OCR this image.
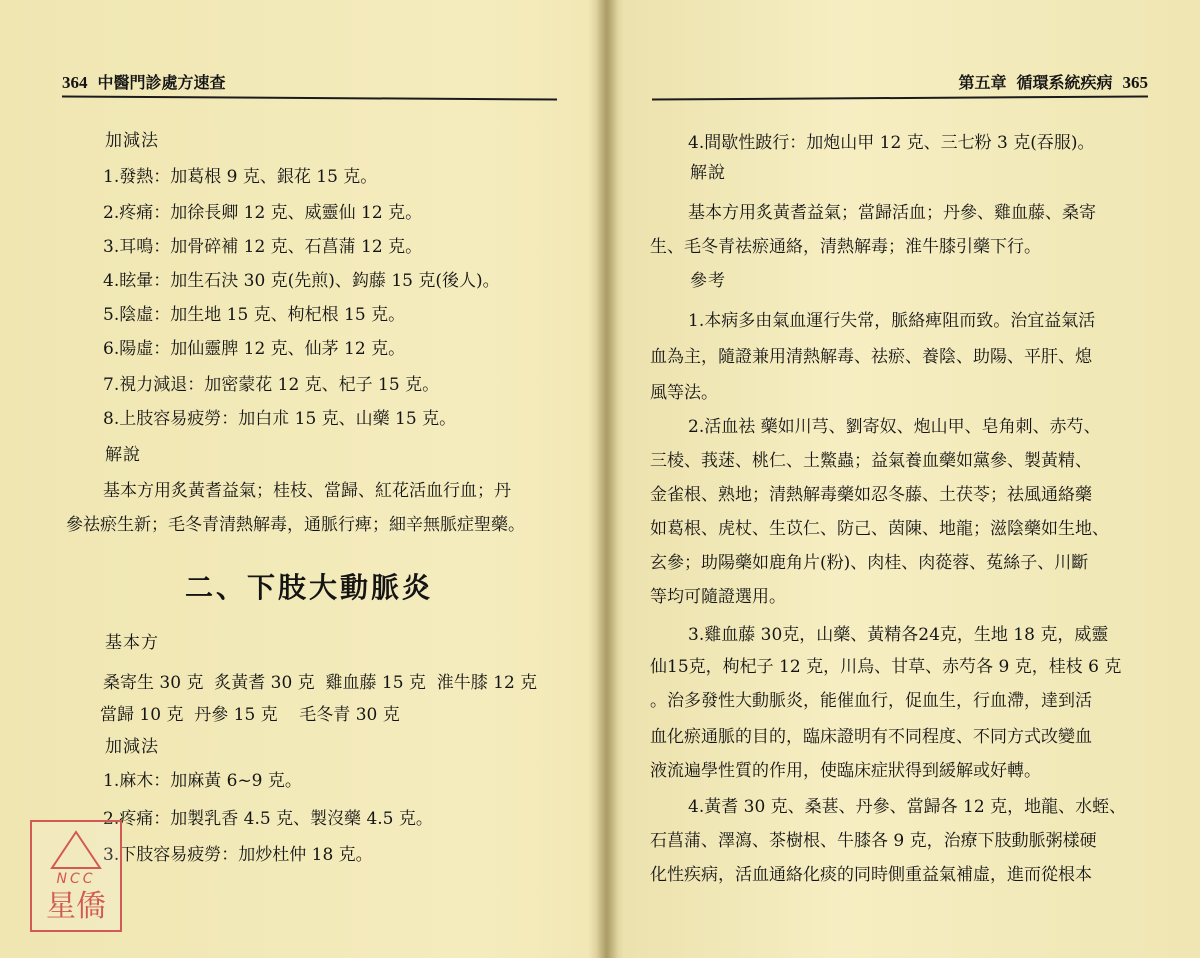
364 中醫門診處方速查
加減法
1.發熱：加葛根 9 克、銀花 15 克。
2.疼痛：加徐長卿 12 克、威靈仙 12 克。
3.耳鳴：加骨碎補 12 克、石菖蒲 12 克。
4.眩暈：加生石決 30 克(先煎)、鈎藤 15 克(後人)。
5.陰虛：加生地 15 克、枸杞根 15 克。
6.陽虛：加仙靈脾 12 克、仙茅 12 克。
7.視力減退：加密蒙花 12 克、杞子 15 克。
8.上肢容易疲勞：加白朮 15 克、山藥 15 克。
解說
基本方用炙黃耆益氣；桂枝、當歸、紅花活血行血；丹
參祛瘀生新；毛冬青清熱解毒，通脈行痺；細辛無脈症聖藥。
二、下肢大動脈炎
基本方
桑寄生 30 克  炙黃耆 30 克  雞血藤 15 克  淮牛膝 12 克
當歸 10 克  丹參 15 克    毛冬青 30 克
加減法
1.麻木：加麻黃 6~9 克。
2.疼痛：加製乳香 4.5 克、製沒藥 4.5 克。
3.下肢容易疲勞：加炒杜仲 18 克。
第五章 循環系統疾病 365
4.間歇性跛行：加炮山甲 12 克、三七粉 3 克(吞服)。
解說
基本方用炙黃耆益氣；當歸活血；丹參、雞血藤、桑寄
生、毛冬青祛瘀通絡，清熱解毒；淮牛膝引藥下行。
參考
1.本病多由氣血運行失常，脈絡痺阻而致。治宜益氣活
血為主，隨證兼用清熱解毒、祛瘀、養陰、助陽、平肝、熄
風等法。
2.活血祛 藥如川芎、劉寄奴、炮山甲、皂角刺、赤芍、
三棱、莪蒁、桃仁、土鱉蟲；益氣養血藥如黨參、製黃精、
金雀根、熟地；清熱解毒藥如忍冬藤、土茯苓；祛風通絡藥
如葛根、虎杖、生苡仁、防己、茵陳、地龍；滋陰藥如生地、
玄參；助陽藥如鹿角片(粉)、肉桂、肉蓯蓉、菟絲子、川斷
等均可隨證選用。
3.雞血藤 30克，山藥、黃精各24克，生地 18 克，威靈
仙15克，枸杞子 12 克，川烏、甘草、赤芍各 9 克，桂枝 6 克
。治多發性大動脈炎，能催血行，促血生，行血滯，達到活
血化瘀通脈的目的，臨床證明有不同程度、不同方式改變血
液流遍學性質的作用，使臨床症狀得到緩解或好轉。
4.黃耆 30 克、桑葚、丹參、當歸各 12 克，地龍、水蛭、
石菖蒲、澤瀉、茶樹根、牛膝各 9 克，治療下肢動脈粥樣硬
化性疾病，活血通絡化痰的同時側重益氣補虛，進而從根本
NCC
星僑
